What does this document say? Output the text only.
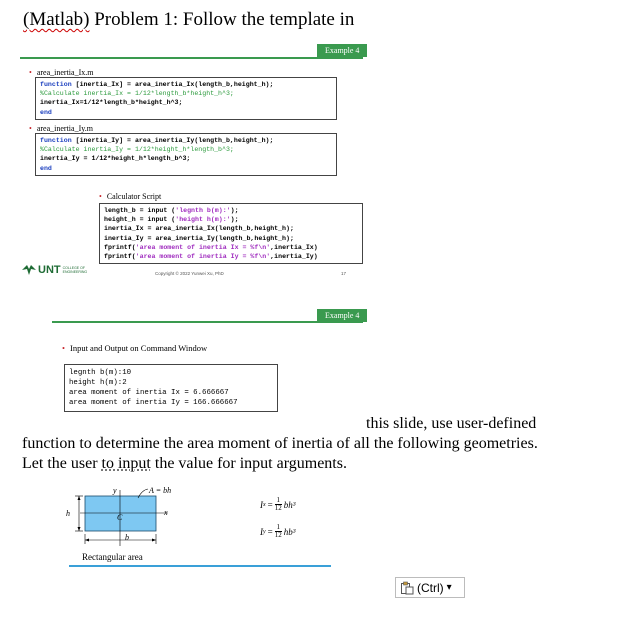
(Matlab) Problem 1: Follow the template in
Example 4
• area_inertia_Ix.m
function [inertia_Ix] = area_inertia_Ix(length_b,height_h);
%Calculate inertia_Ix = 1/12*length_b*height_h^3;
inertia_Ix=1/12*length_b*height_h^3;
end
• area_inertia_Iy.m
function [inertia_Iy] = area_inertia_Iy(length_b,height_h);
%Calculate inertia_Iy = 1/12*height_h*length_b^3;
inertia_Iy = 1/12*height_h*length_b^3;
end
• Calculator Script
length_b = input ('legnth b(m):');
height_h = input ('height h(m):');
inertia_Ix = area_inertia_Ix(length_b,height_h);
inertia_Iy = area_inertia_Iy(length_b,height_h);
fprintf('area moment of inertia Ix = %f\n',inertia_Ix)
fprintf('area moment of inertia Iy = %f\n',inertia_Iy)
UNT COLLEGE OF ENGINEERING	Copyright © 2022 Yunwei Xu, PhD	17
Example 4
• Input and Output on Command Window
legnth b(m):10
height h(m):2
area moment of inertia Ix = 6.666667
area moment of inertia Iy = 166.666667
this slide, use user-defined
function to determine the area moment of inertia of all the following geometries.
Let the user to input the value for input arguments.
y	A = bh
h	C
x
b
Rectangular area
I $x = \frac{1}{12} bh^3$
I $y = \frac{1}{12} hb^3$
(Ctrl) ▾
